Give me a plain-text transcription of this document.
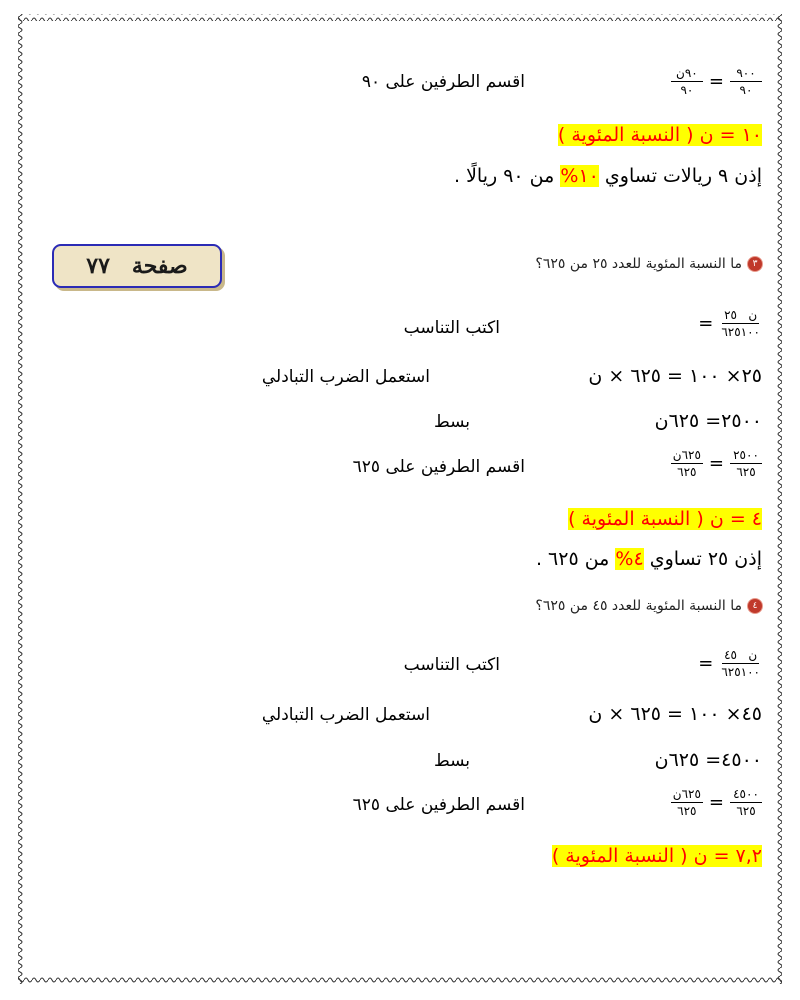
$\frac{\text{٩٠ن}}{٩٠} = \frac{٩٠٠}{٩٠}$
اقسم الطرفين على ٩٠
١٠ = ن ( النسبة المئوية )
إذن ٩ ريالات تساوي ١٠% من ٩٠ ريالًا .
صفحة
٧٧	٣
ما النسبة المئوية للعدد ٢٥ من ٦٢٥؟
= $\frac{\text{ن   ٢٥}}{٦٢٥١٠٠}$
اكتب التناسب
٢٥× ١٠٠ = ٦٢٥ × ن
استعمل الضرب التبادلي
٢٥٠٠= ٦٢٥ن
بسط
$\frac{\text{٦٢٥ن}}{٦٢٥} = \frac{٢٥٠٠}{٦٢٥}$
اقسم الطرفين على ٦٢٥
٤ = ن ( النسبة المئوية )
إذن ٢٥ تساوي ٤% من ٦٢٥ .
٤
ما النسبة المئوية للعدد ٤٥ من ٦٢٥؟
= $\frac{\text{ن   ٤٥}}{٦٢٥١٠٠}$
اكتب التناسب
٤٥× ١٠٠ = ٦٢٥ × ن
استعمل الضرب التبادلي
٤٥٠٠= ٦٢٥ن
بسط
$\frac{\text{٦٢٥ن}}{٦٢٥} = \frac{٤٥٠٠}{٦٢٥}$
اقسم الطرفين على ٦٢٥
٧,٢ = ن ( النسبة المئوية )
